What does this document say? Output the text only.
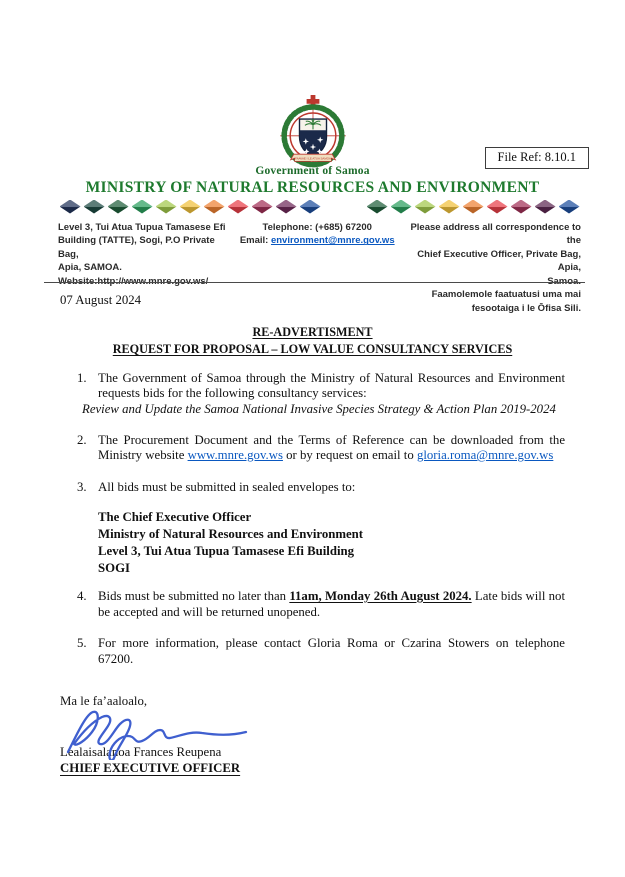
FAAVAE I LE ATUA SAMOA
Government of Samoa
MINISTRY OF NATURAL RESOURCES AND ENVIRONMENT
File Ref: 8.10.1
Level 3, Tui Atua Tupua Tamasese Efi
Building (TATTE), Sogi, P.O Private Bag,
Apia, SAMOA.
Website:http://www.mnre.gov.ws/
Telephone: (+685) 67200
Email: environment@mnre.gov.ws
Please address all correspondence to the
Chief Executive Officer, Private Bag, Apia,
Samoa.
Faamolemole faatuatusi uma mai
fesootaiga i le Ōfisa Sili.
07 August 2024
RE-ADVERTISMENT
REQUEST FOR PROPOSAL – LOW VALUE CONSULTANCY SERVICES
1. The Government of Samoa through the Ministry of Natural Resources and Environment requests bids for the following consultancy services:
Review and Update the Samoa National Invasive Species Strategy & Action Plan 2019-2024
2. The Procurement Document and the Terms of Reference can be downloaded from the Ministry website www.mnre.gov.ws or by request on email to gloria.roma@mnre.gov.ws
3. All bids must be submitted in sealed envelopes to:
The Chief Executive Officer
Ministry of Natural Resources and Environment
Level 3, Tui Atua Tupua Tamasese Efi Building
SOGI
4. Bids must be submitted no later than 11am, Monday 26th August 2024. Late bids will not be accepted and will be returned unopened.
5. For more information, please contact Gloria Roma or Czarina Stowers on telephone 67200.
Ma le fa’aaloalo,
Lealaisalanoa Frances Reupena
CHIEF EXECUTIVE OFFICER
